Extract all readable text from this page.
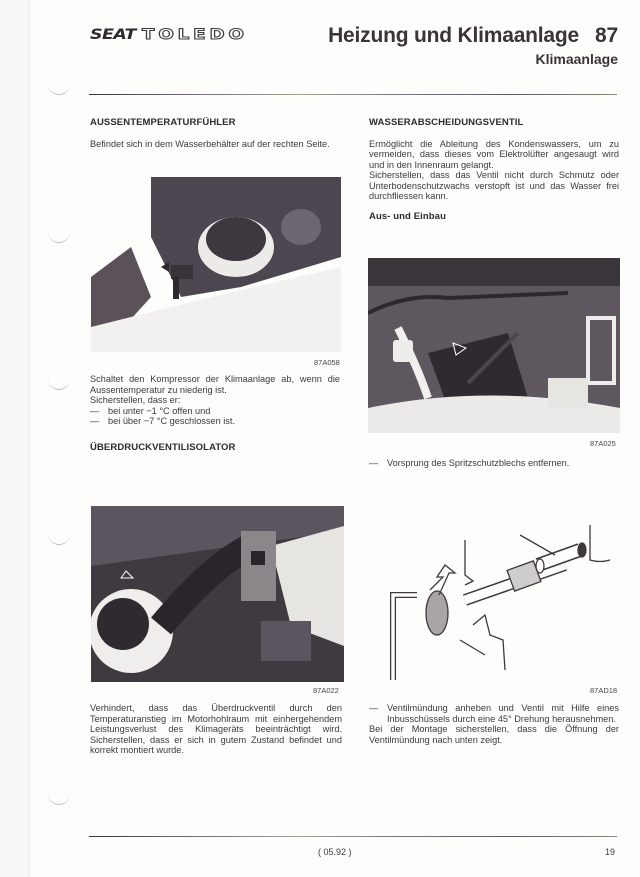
SEAT TOLEDO	Heizung und Klimaanlage 87
Klimaanlage
AUSSENTEMPERATURFÜHLER

Befindet sich in dem Wasserbehälter auf der rechten Seite.

87A058

Schaltet den Kompressor der Klimaanlage ab, wenn die Aussentemperatur zu niederig ist.

Sicherstellen, dass er:
— bei unter −1 °C offen und
— bei über −7 °C geschlossen ist.
ÜBERDRUCKVENTILISOLATOR
87A022

Verhindert, dass das Überdruckventil durch den Temperaturanstieg im Motorhohlraum mit einhergehendem Leistungsverlust des Klimageräts beeinträchtigt wird. Sicherstellen, dass er sich in gutem Zustand befindet und korrekt montiert wurde.

WASSERABSCHEIDUNGSVENTIL

Ermöglicht die Ableitung des Kondenswassers, um zu vermeiden, dass dieses vom Elektrolüfter angesaugt wird und in den Innenraum gelangt.

Sicherstellen, dass das Ventil nicht durch Schmutz oder Unterbodenschutzwachs verstopft ist und das Wasser frei durchfliessen kann.

Aus- und Einbau
87A025
— Vorsprung des Spritzschutzblechs entfernen.
87AD18
— Ventilmündung anheben und Ventil mit Hilfe eines Inbusschüssels durch eine 45° Drehung herausnehmen.

Bei der Montage sicherstellen, dass die Öffnung der Ventilmündung nach unten zeigt.

( 05.92 )	19
